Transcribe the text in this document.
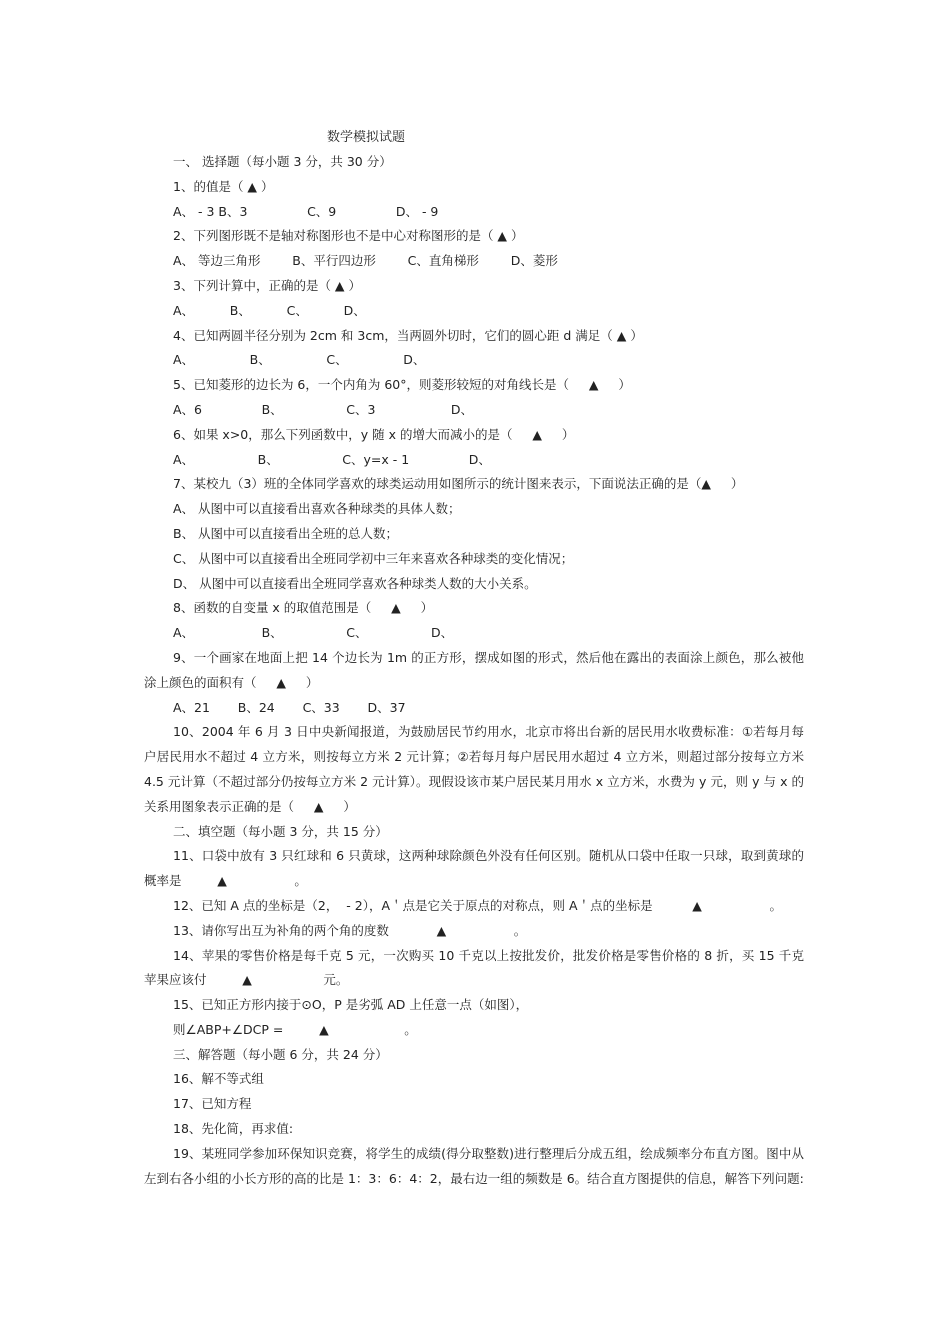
数学模拟试题

一、 选择题（每小题 3 分，共 30 分）

1、的值是（ ▲ ）

A、 - 3 B、3               C、9               D、 - 9

2、下列图形既不是轴对称图形也不是中心对称图形的是（ ▲ ）

A、 等边三角形        B、平行四边形        C、直角梯形        D、菱形

3、下列计算中，正确的是（ ▲ ）

A、         B、         C、         D、

4、已知两圆半径分别为 2cm 和 3cm，当两圆外切时，它们的圆心距 d 满足（ ▲ ）

A、              B、              C、              D、

5、已知菱形的边长为 6，一个内角为 60°，则菱形较短的对角线长是（     ▲     ）

A、6               B、                C、3                   D、

6、如果 x>0，那么下列函数中，y 随 x 的增大而减小的是（     ▲     ）

A、                B、                C、y=x - 1               D、

7、某校九（3）班的全体同学喜欢的球类运动用如图所示的统计图来表示，下面说法正确的是（▲     ）

A、 从图中可以直接看出喜欢各种球类的具体人数；

B、 从图中可以直接看出全班的总人数；

C、 从图中可以直接看出全班同学初中三年来喜欢各种球类的变化情况；

D、 从图中可以直接看出全班同学喜欢各种球类人数的大小关系。

8、函数的自变量 x 的取值范围是（     ▲     ）

A、                 B、                C、                D、

9、一个画家在地面上把 14 个边长为 1m 的正方形，摆成如图的形式，然后他在露出的表面涂上颜色，那么被他涂上颜色的面积有（     ▲     ）

A、21       B、24       C、33       D、37

10、2004 年 6 月 3 日中央新闻报道，为鼓励居民节约用水，北京市将出台新的居民用水收费标准：①若每月每户居民用水不超过 4 立方米，则按每立方米 2 元计算；②若每月每户居民用水超过 4 立方米，则超过部分按每立方米 4.5 元计算（不超过部分仍按每立方米 2 元计算）。现假设该市某户居民某月用水 x 立方米，水费为 y 元，则 y 与 x 的关系用图象表示正确的是（     ▲     ）

二、填空题（每小题 3 分，共 15 分）

11、口袋中放有 3 只红球和 6 只黄球，这两种球除颜色外没有任何区别。随机从口袋中任取一只球，取到黄球的概率是         ▲                 。

12、已知 A 点的坐标是（2，  - 2），A＇点是它关于原点的对称点，则 A＇点的坐标是          ▲                 。

13、请你写出互为补角的两个角的度数            ▲                 。

14、苹果的零售价格是每千克 5 元，一次购买 10 千克以上按批发价，批发价格是零售价格的 8 折，买 15 千克苹果应该付         ▲                  元。

15、已知正方形内接于⊙O，P 是劣弧 AD 上任意一点（如图），

则∠ABP+∠DCP =         ▲                   。

三、解答题（每小题 6 分，共 24 分）

16、解不等式组

17、已知方程

18、先化简，再求值:

19、某班同学参加环保知识竞赛，将学生的成绩(得分取整数)进行整理后分成五组，绘成频率分布直方图。图中从左到右各小组的小长方形的高的比是 1：3：6：4：2，最右边一组的频数是 6。结合直方图提供的信息，解答下列问题:
